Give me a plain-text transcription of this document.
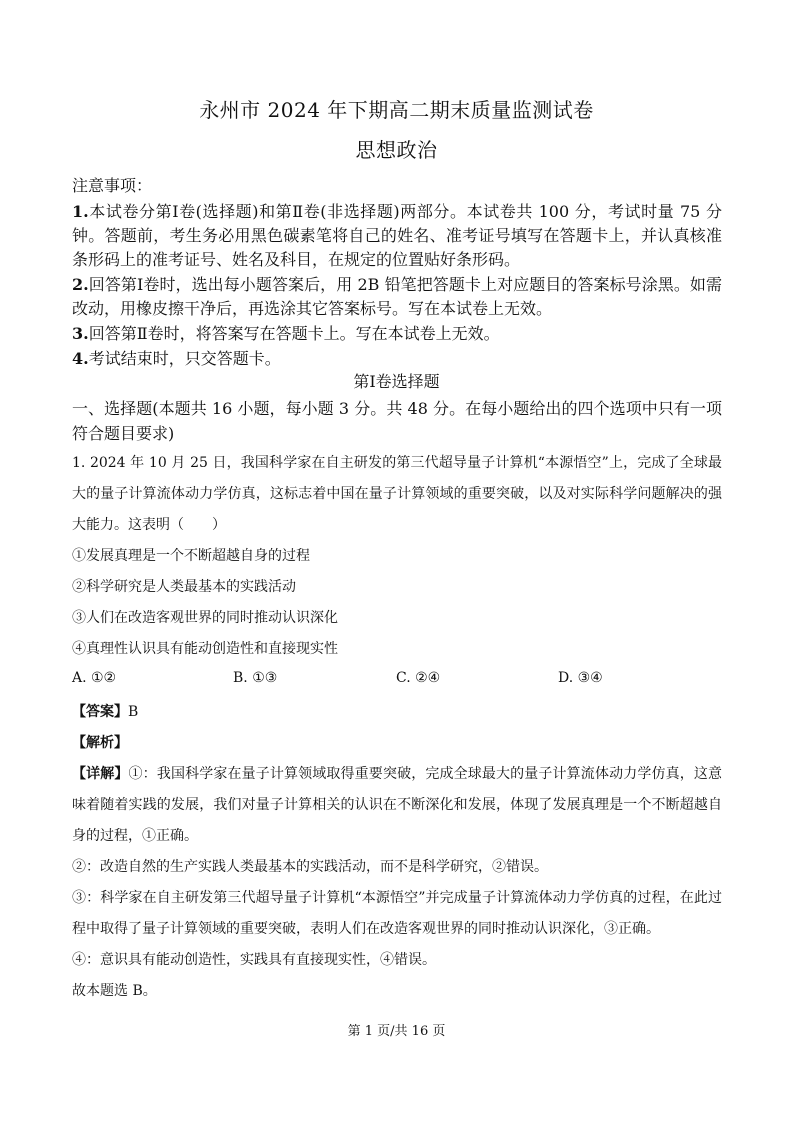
永州市 2024 年下期高二期末质量监测试卷
思想政治

注意事项：

1.本试卷分第Ⅰ卷(选择题)和第Ⅱ卷(非选择题)两部分。本试卷共 100 分，考试时量 75 分钟。答题前，考生务必用黑色碳素笔将自己的姓名、准考证号填写在答题卡上，并认真核准条形码上的准考证号、姓名及科目，在规定的位置贴好条形码。

2.回答第Ⅰ卷时，选出每小题答案后，用 2B 铅笔把答题卡上对应题目的答案标号涂黑。如需改动，用橡皮擦干净后，再选涂其它答案标号。写在本试卷上无效。

3.回答第Ⅱ卷时，将答案写在答题卡上。写在本试卷上无效。

4.考试结束时，只交答题卡。

第Ⅰ卷选择题
一、选择题(本题共 16 小题，每小题 3 分。共 48 分。在每小题给出的四个选项中只有一项符合题目要求)

1. 2024 年 10 月 25 日，我国科学家在自主研发的第三代超导量子计算机“本源悟空”上，完成了全球最大的量子计算流体动力学仿真，这标志着中国在量子计算领域的重要突破，以及对实际科学问题解决的强大能力。这表明（　　）

①发展真理是一个不断超越自身的过程

②科学研究是人类最基本的实践活动

③人们在改造客观世界的同时推动认识深化

④真理性认识具有能动创造性和直接现实性

A. ①②	B. ①③	C. ②④	D. ③④

【答案】B

【解析】

【详解】①：我国科学家在量子计算领域取得重要突破，完成全球最大的量子计算流体动力学仿真，这意味着随着实践的发展，我们对量子计算相关的认识在不断深化和发展，体现了发展真理是一个不断超越自身的过程，①正确。

②：改造自然的生产实践人类最基本的实践活动，而不是科学研究，②错误。

③：科学家在自主研发第三代超导量子计算机“本源悟空”并完成量子计算流体动力学仿真的过程，在此过程中取得了量子计算领域的重要突破，表明人们在改造客观世界的同时推动认识深化，③正确。

④：意识具有能动创造性，实践具有直接现实性，④错误。

故本题选 B。

第 1 页/共 16 页
